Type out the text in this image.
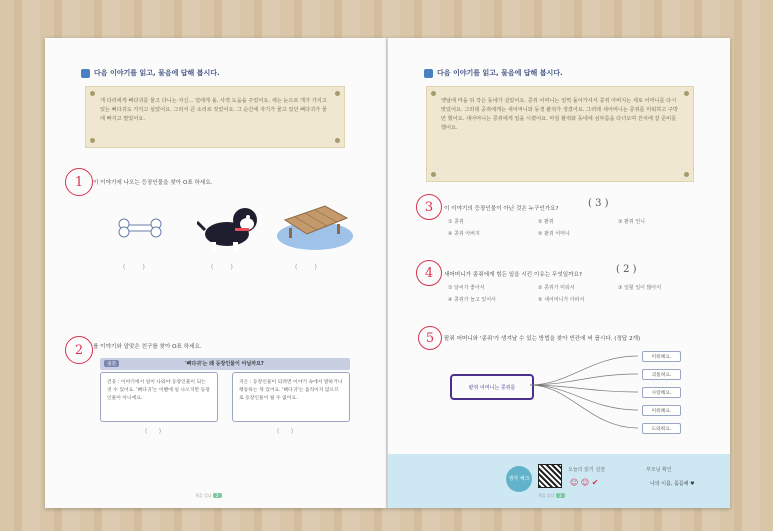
다음 이야기를 읽고, 물음에 답해 봅시다.
개 다리에게 뼈다귀를 물고 다니는 자신... 얼에게 올, 사적 도움을 주었어요. 세는 눈으로 개가 가지고 있는 뼈다귀도 가지고 싶었어요. 그러서 큰 소리로 짖었어요. 그 순간에 자기가 물고 있던 뼈다귀가 물에 빠지고 말았어요.
1 이 이야기에 나오는 등장인물을 찾아 O표 하세요.
(         )	(         )	(         )
2 를 이야기와 알맞은 친구를 찾아 O표 하세요.
질문	'뼈다귀'는 왜 등장인물이 아닐까요?
건웅 : 이야기에서 일이 나와야 등장인물이 되는 것 수 있어요. '뼈다귀'는 이빨에 일 나오지만 등장인물이 아니에요.
지은 : 등장인물이 되려면 이야기 속에서 말하거나 행동하는 게 있어요. '뼈다귀'는 움직이지 않으므로 등장인물이 될 수 없어요.
(      )	(      )
책을 읽다 2
다음 이야기를 읽고, 물음에 답해 봅시다.
옛날에 마을 뒤 작은 동네가 살았어요. 콩쥐 어머니는 일찍 돌아가셔서 콩쥐 아버지는 새로 어머니를 다시 맞았어요. 그러데 공쥐에게는 새어머니와 동생 팥쥐가 생겼어요. 그러데 새어머니는 콩쥐를 미워하고 구박만 했어요. 새어머니는 콩쥐에게 일을 시켰어요. 마침 팥쥐와 동네에 심부름을 다녀오며 잔치에 갈 준비를 했어요.
3 이 이야기의 등장인물이 아닌 것은 누구인가요?	( 3 )
① 콩쥐	② 팥쥐	③ 팥쥐 언니
④ 콩쥐 아버지	⑤ 팥쥐 어머니
4 새어머니가 콩쥐에게 힘든 일을 시킨 이유는 무엇일까요?	( 2 )
① 날씨가 좋아서	② 콩쥐가 미워서	③ 일할 일이 많아서
④ 콩쥐가 놀고 있어서	⑤ 새어머니가 아파서
5 팥쥐 어머니와 '콩쥐'가 생겨날 수 있는 방법을 찾아 빈칸에 써 봅시다. (정답 2개)
팥쥐 어머니는 콩쥐를
미워해요.
괴롭혀요.
사랑해요.
미워해요.
도와줘요.
생각 체크
오늘의 읽기 실천	부모님 확인
☺ ☺ ✔	나의 이름, 꼼꼼해 ♥
책을 읽다 3
